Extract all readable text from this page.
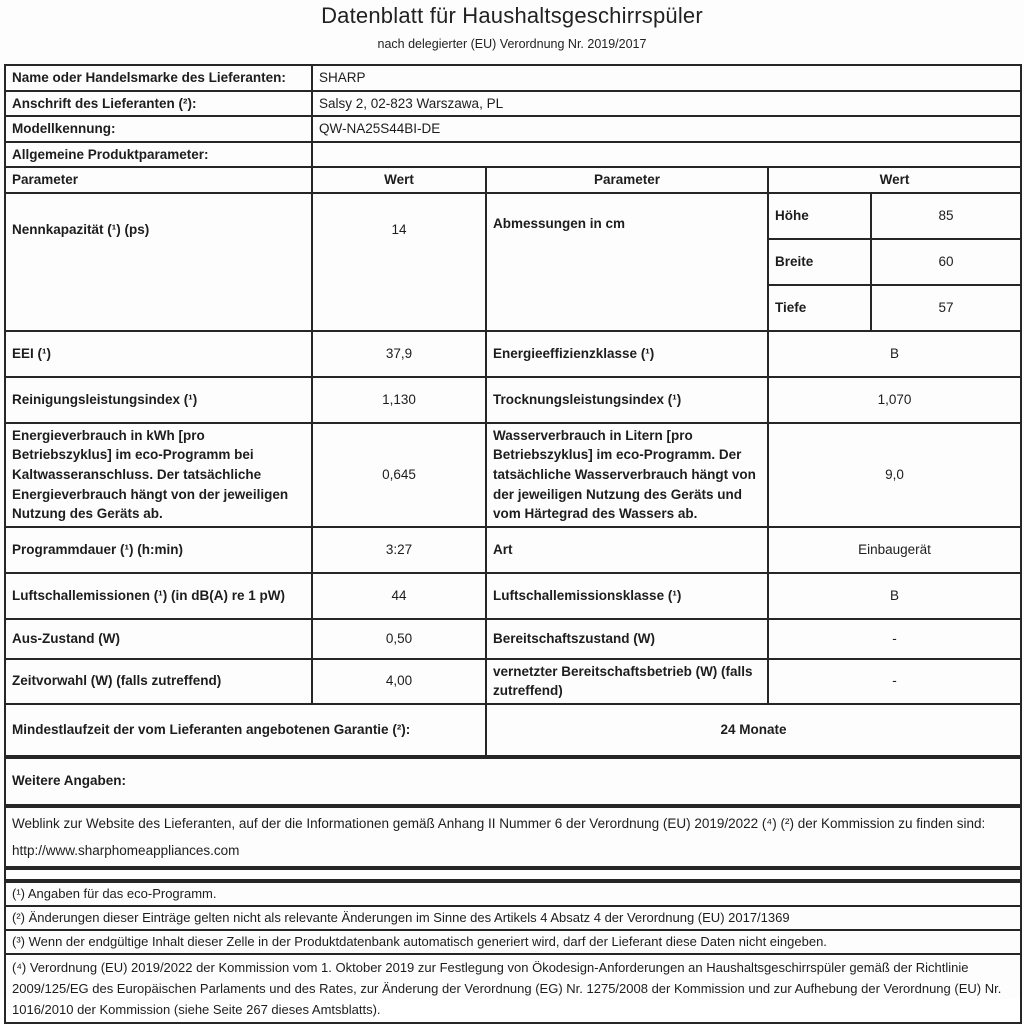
Datenblatt für Haushaltsgeschirrspüler
nach delegierter (EU) Verordnung Nr. 2019/2017
Name oder Handelsmarke des Lieferanten:	SHARP			
Anschrift des Lieferanten (²):	Salsy 2, 02-823 Warszawa, PL			
Modellkennung:	QW-NA25S44BI-DE			
Allgemeine Produktparameter:				
Parameter	Wert	Parameter	Wert	
Nennkapazität (¹) (ps)	14	Abmessungen in cm	Höhe	85
			Breite	60
			Tiefe	57
EEI (¹)	37,9	Energieeffizienzklasse (¹)	B	
Reinigungsleistungsindex (¹)	1,130	Trocknungsleistungsindex (¹)	1,070	
Energieverbrauch in kWh [pro Betriebszyklus] im eco-Programm bei Kaltwasseranschluss. Der tatsächliche Energieverbrauch hängt von der jeweiligen Nutzung des Geräts ab.	0,645	Wasserverbrauch in Litern [pro Betriebszyklus] im eco-Programm. Der tatsächliche Wasserverbrauch hängt von der jeweiligen Nutzung des Geräts und vom Härtegrad des Wassers ab.	9,0	
Programmdauer (¹) (h:min)	3:27	Art	Einbaugerät	
Luftschallemissionen (¹) (in dB(A) re 1 pW)	44	Luftschallemissionsklasse (¹)	B	
Aus-Zustand (W)	0,50	Bereitschaftszustand (W)	-	
Zeitvorwahl (W) (falls zutreffend)	4,00	vernetzter Bereitschaftsbetrieb (W) (falls zutreffend)	-	
Mindestlaufzeit der vom Lieferanten angebotenen Garantie (²):		24 Monate		
Weitere Angaben:				
Weblink zur Website des Lieferanten, auf der die Informationen gemäß Anhang II Nummer 6 der Verordnung (EU) 2019/2022 (⁴) (²) der Kommission zu finden sind: http://www.sharphomeappliances.com				

(¹) Angaben für das eco-Programm.				
(²) Änderungen dieser Einträge gelten nicht als relevante Änderungen im Sinne des Artikels 4 Absatz 4 der Verordnung (EU) 2017/1369				
(³) Wenn der endgültige Inhalt dieser Zelle in der Produktdatenbank automatisch generiert wird, darf der Lieferant diese Daten nicht eingeben.				
(⁴) Verordnung (EU) 2019/2022 der Kommission vom 1. Oktober 2019 zur Festlegung von Ökodesign-Anforderungen an Haushaltsgeschirrspüler gemäß der Richtlinie 2009/125/EG des Europäischen Parlaments und des Rates, zur Änderung der Verordnung (EG) Nr. 1275/2008 der Kommission und zur Aufhebung der Verordnung (EU) Nr. 1016/2010 der Kommission (siehe Seite 267 dieses Amtsblatts).				
